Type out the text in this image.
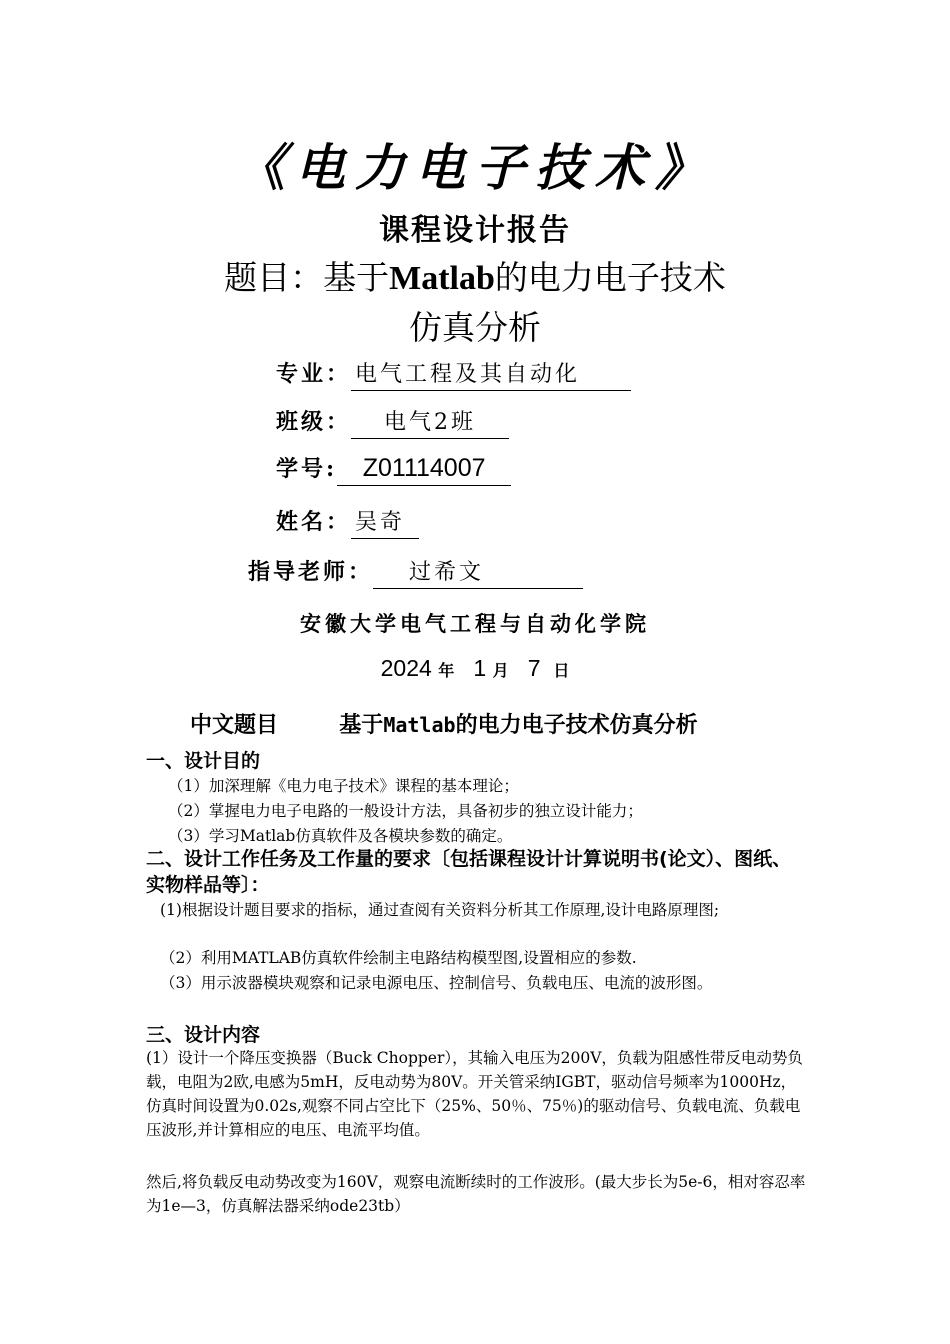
《电力电子技术》
课程设计报告
题目：基于Matlab的电力电子技术
仿真分析
专业： 电气工程及其自动化
班级： 电气2班
学号: Z01114007
姓名： 吴奇
指导老师： 过希文
安徽大学电气工程与自动化学院
2024 年 1 月 7 日
中文题目	基于Matlab的电力电子技术仿真分析
一、设计目的
（1）加深理解《电力电子技术》课程的基本理论；
（2）掌握电力电子电路的一般设计方法，具备初步的独立设计能力；
（3）学习Matlab仿真软件及各模块参数的确定。
二、设计工作任务及工作量的要求〔包括课程设计计算说明书(论文）、图纸、实物样品等〕：
(1)根据设计题目要求的指标，通过查阅有关资料分析其工作原理,设计电路原理图;
（2）利用MATLAB仿真软件绘制主电路结构模型图,设置相应的参数.
（3）用示波器模块观察和记录电源电压、控制信号、负载电压、电流的波形图。
三、设计内容
(1）设计一个降压变换器（Buck Chopper），其输入电压为200V，负载为阻感性带反电动势负载，电阻为2欧,电感为5mH，反电动势为80V。开关管采纳IGBT，驱动信号频率为1000Hz，仿真时间设置为0.02s,观察不同占空比下（25%、50％、75％)的驱动信号、负载电流、负载电压波形,并计算相应的电压、电流平均值。
然后,将负载反电动势改变为160V，观察电流断续时的工作波形。(最大步长为5e-6，相对容忍率为1e—3，仿真解法器采纳ode23tb）
